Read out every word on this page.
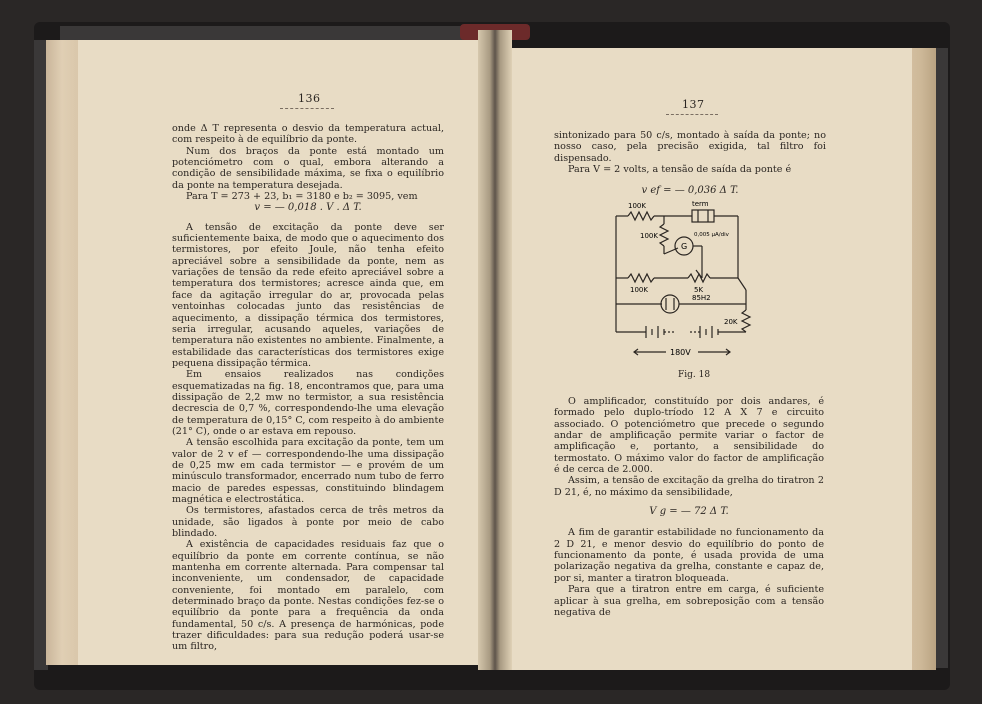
136

onde Δ T representa o desvio da temperatura actual, com respeito à de equilíbrio da ponte.

Num dos braços da ponte está montado um potenciómetro com o qual, embora alterando a condição de sensibilidade máxima, se fixa o equilíbrio da ponte na temperatura desejada.

Para T = 273 + 23, b₁ = 3180 e b₂ = 3095, vem

v = — 0,018 . V . Δ T.

A tensão de excitação da ponte deve ser suficientemente baixa, de modo que o aquecimento dos termistores, por efeito Joule, não tenha efeito apreciável sobre a sensibilidade da ponte, nem as variações de tensão da rede efeito apreciável sobre a temperatura dos termistores; acresce ainda que, em face da agitação irregular do ar, provocada pelas ventoinhas colocadas junto das resistências de aquecimento, a dissipação térmica dos termistores, seria irregular, acusando aqueles, variações de temperatura não existentes no ambiente. Finalmente, a estabilidade das características dos termistores exige pequena dissipação térmica.

Em ensaios realizados nas condições esquematizadas na fig. 18, encontramos que, para uma dissipação de 2,2 mw no termistor, a sua resistência decrescia de 0,7 %, correspondendo-lhe uma elevação de temperatura de 0,15° C, com respeito à do ambiente (21° C), onde o ar estava em repouso.

A tensão escolhida para excitação da ponte, tem um valor de 2 v ef — correspondendo-lhe uma dissipação de 0,25 mw em cada termistor — e provém de um minúsculo transformador, encerrado num tubo de ferro macio de paredes espessas, constituindo blindagem magnética e electrostática.

Os termistores, afastados cerca de três metros da unidade, são ligados à ponte por meio de cabo blindado.

A existência de capacidades residuais faz que o equilíbrio da ponte em corrente contínua, se não mantenha em corrente alternada. Para compensar tal inconveniente, um condensador, de capacidade conveniente, foi montado em paralelo, com determinado braço da ponte. Nestas condições fez-se o equilíbrio da ponte para a frequência da onda fundamental, 50 c/s. A presença de harmónicas, pode trazer dificuldades: para sua redução poderá usar-se um filtro,

137

sintonizado para 50 c/s, montado à saída da ponte; no nosso caso, pela precisão exigida, tal filtro foi dispensado.

Para V = 2 volts, a tensão de saída da ponte é

v ef = — 0,036 Δ T.

100K	term
100K
G
0,005 μA/div
100K	5K
85H2
20K
180V
Fig. 18

O amplificador, constituído por dois andares, é formado pelo duplo-tríodo 12 A X 7 e circuito associado. O potenciómetro que precede o segundo andar de amplificação permite variar o factor de amplificação e, portanto, a sensibilidade do termostato. O máximo valor do factor de amplificação é de cerca de 2.000.

Assim, a tensão de excitação da grelha do tiratron 2 D 21, é, no máximo da sensibilidade,

V g = — 72 Δ T.

A fim de garantir estabilidade no funcionamento da 2 D 21, e menor desvio do equilíbrio do ponto de funcionamento da ponte, é usada provida de uma polarização negativa da grelha, constante e capaz de, por si, manter a tiratron bloqueada.

Para que a tiratron entre em carga, é suficiente aplicar à sua grelha, em sobreposição com a tensão negativa de
